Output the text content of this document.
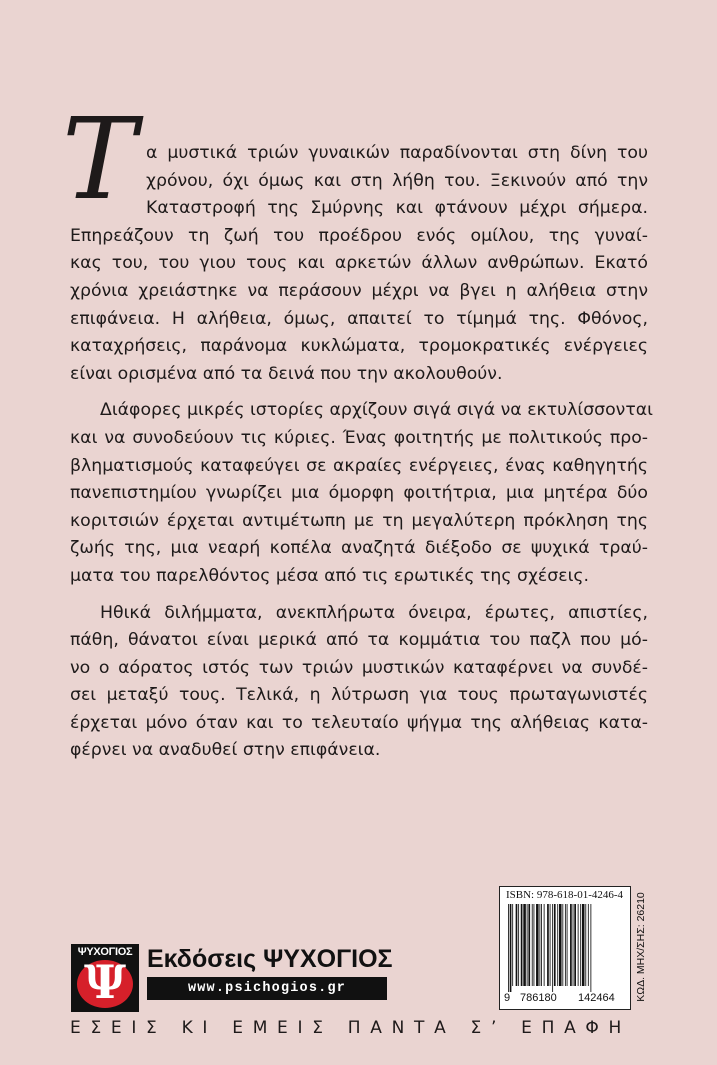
Τ α μυστικά τριών γυναικών παραδίνονται στη δίνη του
χρόνου, όχι όμως και στη λήθη του. Ξεκινούν από την
Καταστροφή της Σμύρνης και φτάνουν μέχρι σήμερα.
Επηρεάζουν τη ζωή του προέδρου ενός ομίλου, της γυναί-
κας του, του γιου τους και αρκετών άλλων ανθρώπων. Εκατό
χρόνια χρειάστηκε να περάσουν μέχρι να βγει η αλήθεια στην
επιφάνεια. Η αλήθεια, όμως, απαιτεί το τίμημά της. Φθόνος,
καταχρήσεις, παράνομα κυκλώματα, τρομοκρατικές ενέργειες
είναι ορισμένα από τα δεινά που την ακολουθούν.

Διάφορες μικρές ιστορίες αρχίζουν σιγά σιγά να εκτυλίσσονται
και να συνοδεύουν τις κύριες. Ένας φοιτητής με πολιτικούς προ-
βληματισμούς καταφεύγει σε ακραίες ενέργειες, ένας καθηγητής
πανεπιστημίου γνωρίζει μια όμορφη φοιτήτρια, μια μητέρα δύο
κοριτσιών έρχεται αντιμέτωπη με τη μεγαλύτερη πρόκληση της
ζωής της, μια νεαρή κοπέλα αναζητά διέξοδο σε ψυχικά τραύ-
ματα του παρελθόντος μέσα από τις ερωτικές της σχέσεις.

Ηθικά διλήμματα, ανεκπλήρωτα όνειρα, έρωτες, απιστίες,
πάθη, θάνατοι είναι μερικά από τα κομμάτια του παζλ που μό-
νο ο αόρατος ιστός των τριών μυστικών καταφέρνει να συνδέ-
σει μεταξύ τους. Τελικά, η λύτρωση για τους πρωταγωνιστές
έρχεται μόνο όταν και το τελευταίο ψήγμα της αλήθειας κατα-
φέρνει να αναδυθεί στην επιφάνεια.

ΨΥΧΟΓΙΟΣ
Ψ Εκδόσεις ΨΥΧΟΓΙΟΣ
www.psichogios.gr
ISBN: 978-618-01-4246-4
9 786180 142464 ΚΩΔ. ΜΗΧ/ΣΗΣ: 26210
ΕΣΕΙΣ ΚΙ ΕΜΕΙΣ ΠΑΝΤΑ Σ’ ΕΠΑΦΗ
